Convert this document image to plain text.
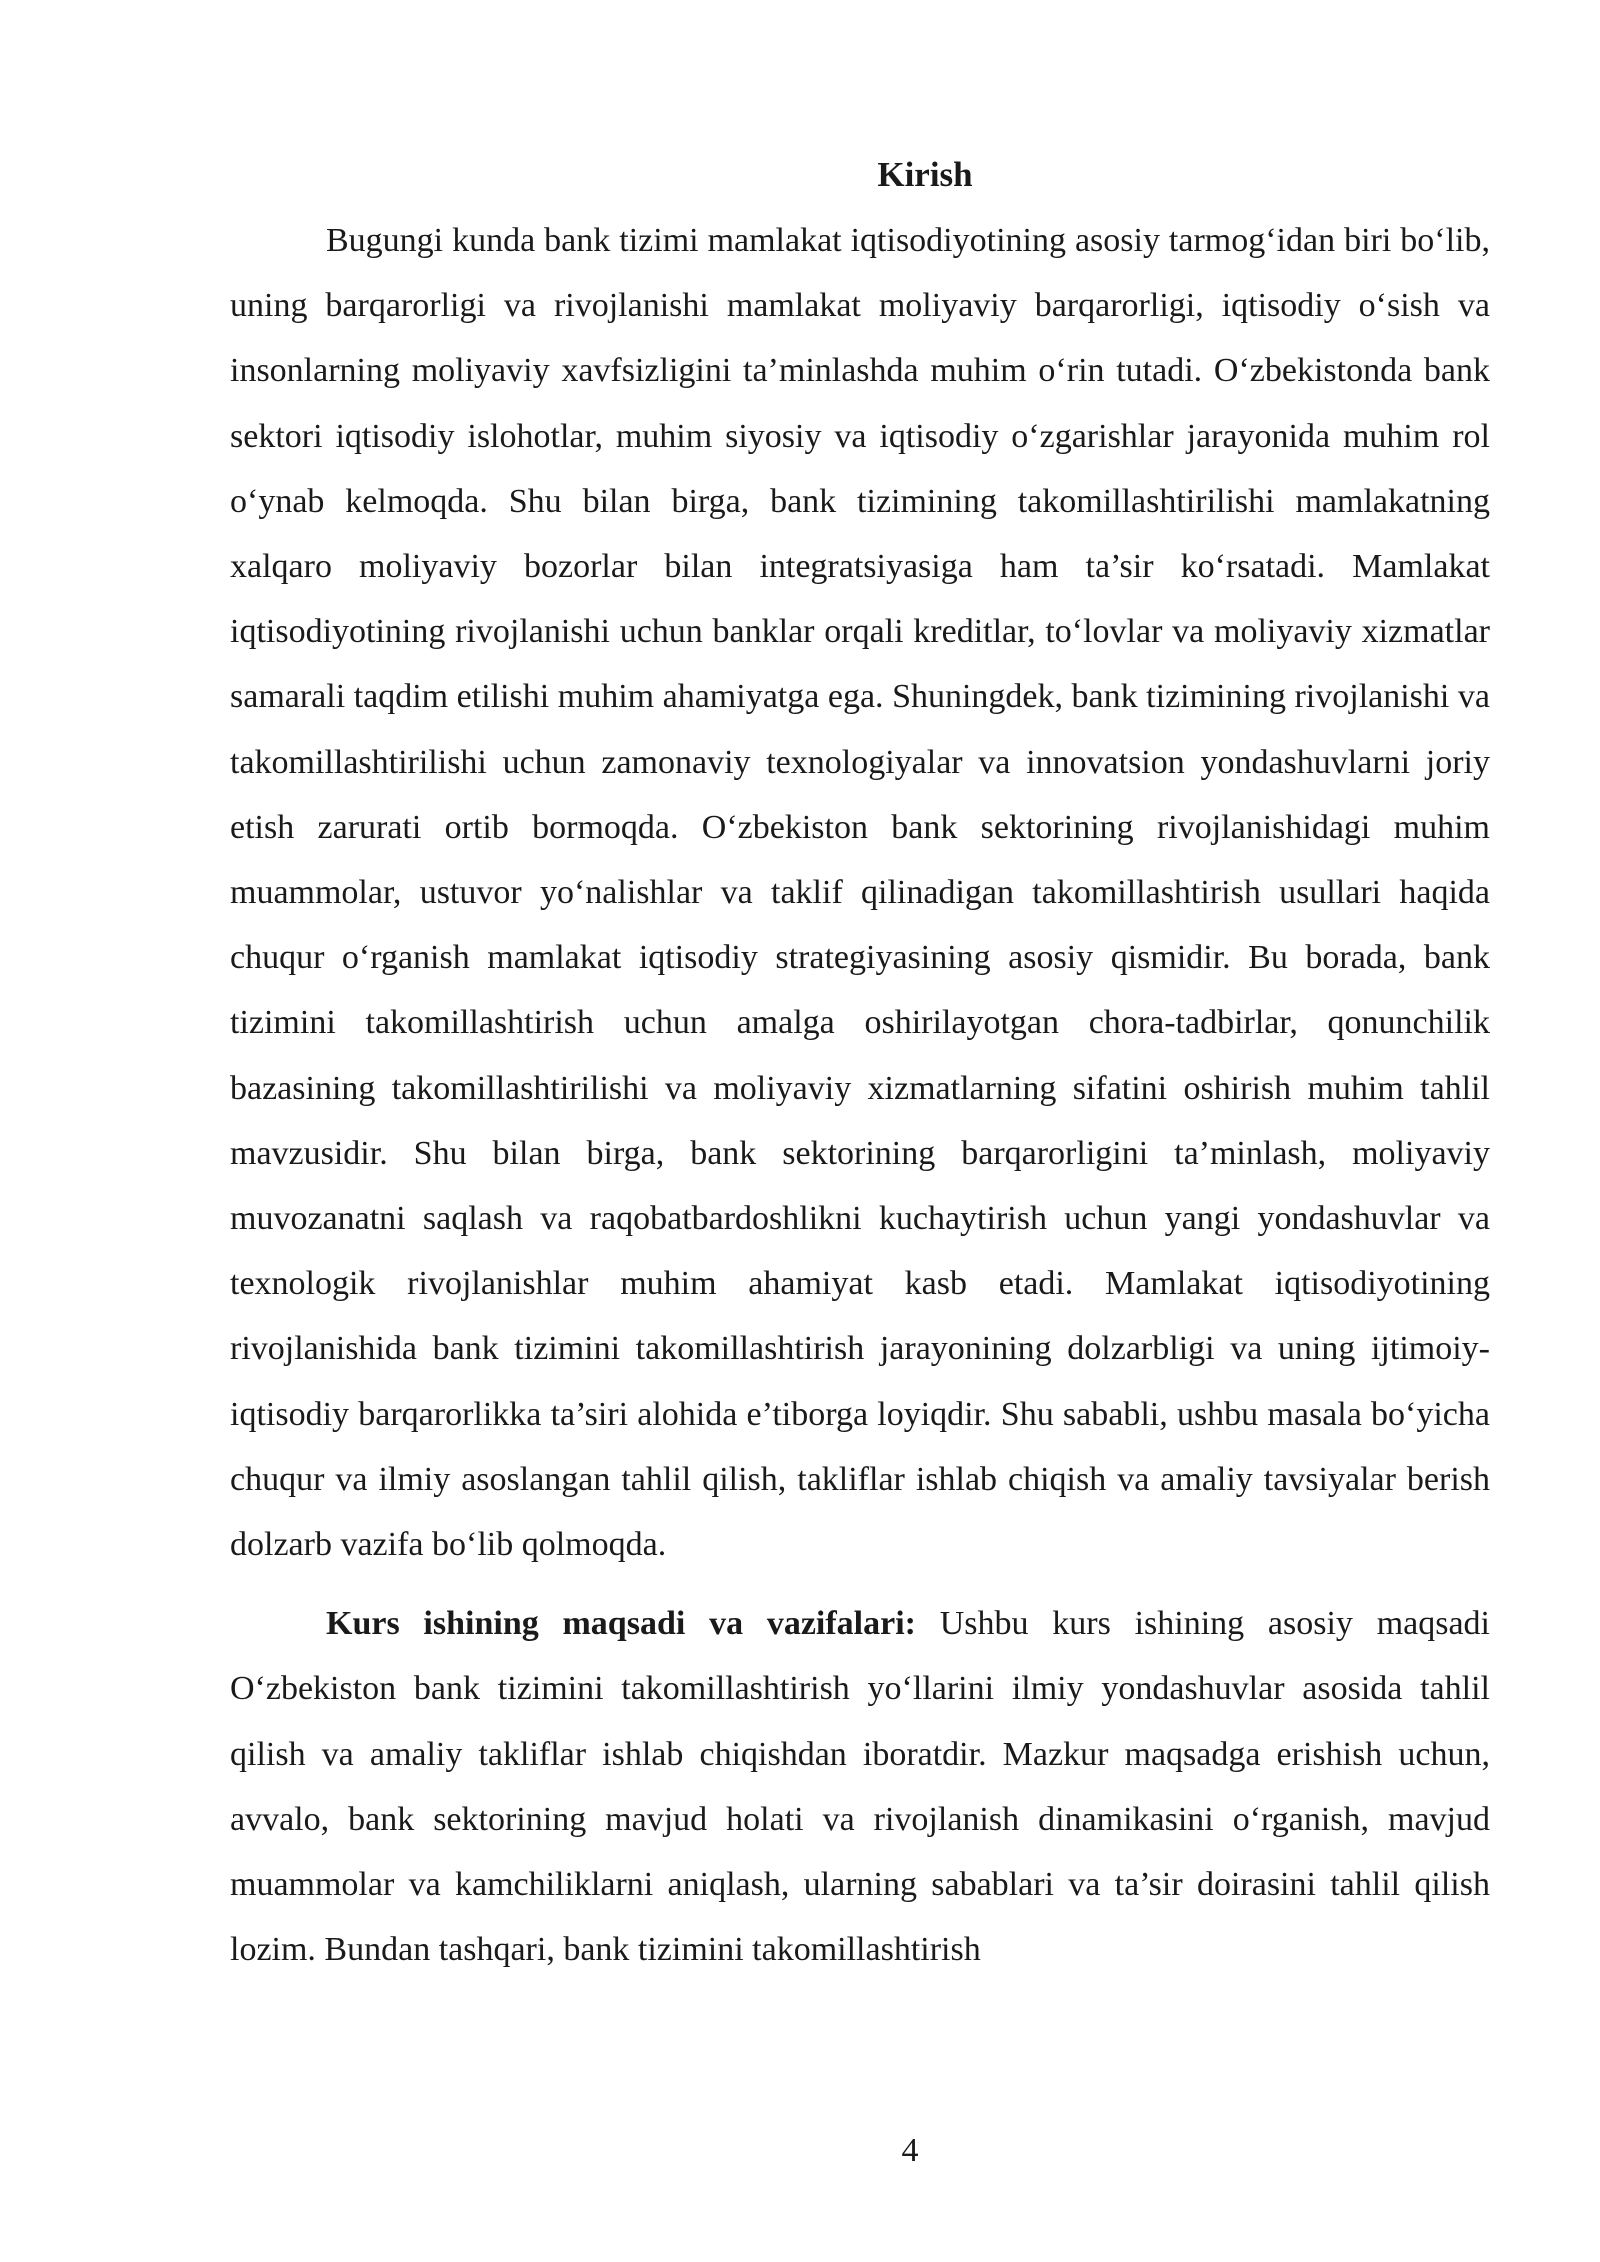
Kirish

Bugungi kunda bank tizimi mamlakat iqtisodiyotining asosiy tarmog‘idan biri bo‘lib, uning barqarorligi va rivojlanishi mamlakat moliyaviy barqarorligi, iqtisodiy o‘sish va insonlarning moliyaviy xavfsizligini ta’minlashda muhim o‘rin tutadi. O‘zbekistonda bank sektori iqtisodiy islohotlar, muhim siyosiy va iqtisodiy o‘zgarishlar jarayonida muhim rol o‘ynab kelmoqda. Shu bilan birga, bank tizimining takomillashtirilishi mamlakatning xalqaro moliyaviy bozorlar bilan integratsiyasiga ham ta’sir ko‘rsatadi. Mamlakat iqtisodiyotining rivojlanishi uchun banklar orqali kreditlar, to‘lovlar va moliyaviy xizmatlar samarali taqdim etilishi muhim ahamiyatga ega. Shuningdek, bank tizimining rivojlanishi va takomillashtirilishi uchun zamonaviy texnologiyalar va innovatsion yondashuvlarni joriy etish zarurati ortib bormoqda. O‘zbekiston bank sektorining rivojlanishidagi muhim muammolar, ustuvor yo‘nalishlar va taklif qilinadigan takomillashtirish usullari haqida chuqur o‘rganish mamlakat iqtisodiy strategiyasining asosiy qismidir. Bu borada, bank tizimini takomillashtirish uchun amalga oshirilayotgan chora-tadbirlar, qonunchilik bazasining takomillashtirilishi va moliyaviy xizmatlarning sifatini oshirish muhim tahlil mavzusidir. Shu bilan birga, bank sektorining barqarorligini ta’minlash, moliyaviy muvozanatni saqlash va raqobatbardoshlikni kuchaytirish uchun yangi yondashuvlar va texnologik rivojlanishlar muhim ahamiyat kasb etadi. Mamlakat iqtisodiyotining rivojlanishida bank tizimini takomillashtirish jarayonining dolzarbligi va uning ijtimoiy-iqtisodiy barqarorlikka ta’siri alohida e’tiborga loyiqdir. Shu sababli, ushbu masala bo‘yicha chuqur va ilmiy asoslangan tahlil qilish, takliflar ishlab chiqish va amaliy tavsiyalar berish dolzarb vazifa bo‘lib qolmoqda.

Kurs ishining maqsadi va vazifalari: Ushbu kurs ishining asosiy maqsadi O‘zbekiston bank tizimini takomillashtirish yo‘llarini ilmiy yondashuvlar asosida tahlil qilish va amaliy takliflar ishlab chiqishdan iboratdir. Mazkur maqsadga erishish uchun, avvalo, bank sektorining mavjud holati va rivojlanish dinamikasini o‘rganish, mavjud muammolar va kamchiliklarni aniqlash, ularning sabablari va ta’sir doirasini tahlil qilish lozim. Bundan tashqari, bank tizimini takomillashtirish

4
